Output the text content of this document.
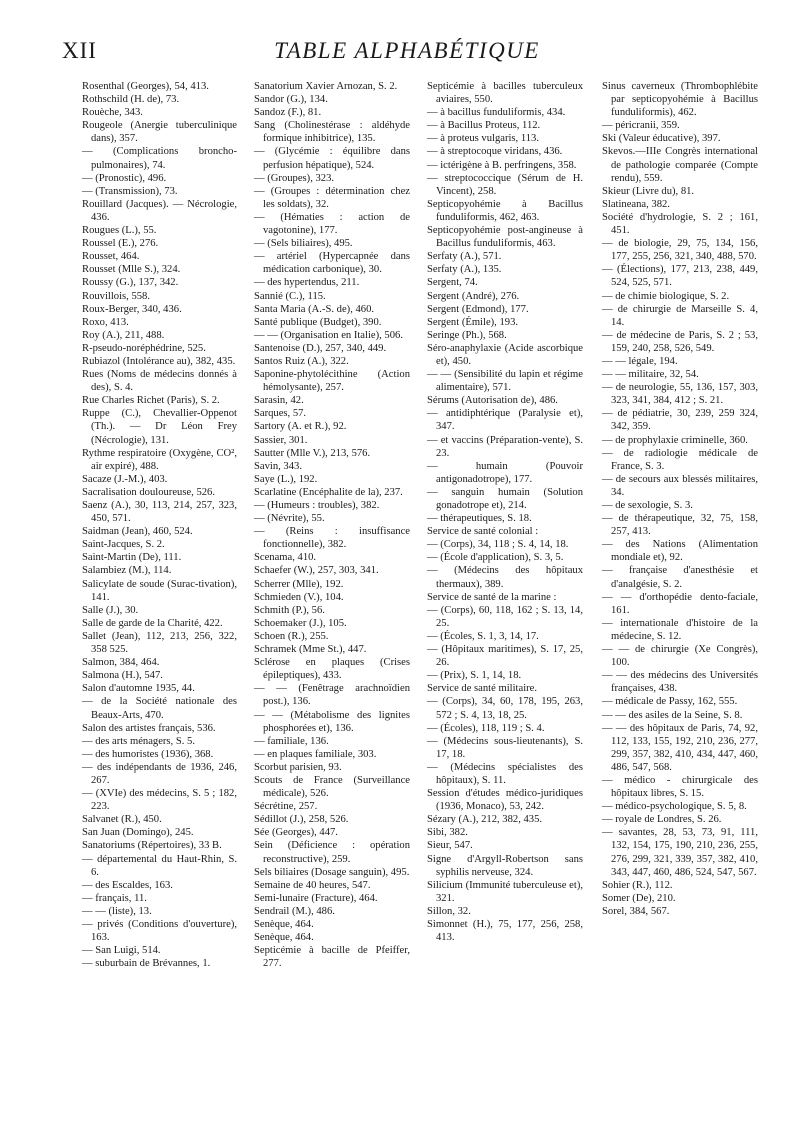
XII	TABLE ALPHABÉTIQUE

Rosenthal (Georges), 54, 413.

Rothschild (H. de), 73.

Rouèche, 343.

Rougeole (Anergie tuberculinique dans), 357.

— (Complications broncho-pulmonaires), 74.

— (Pronostic), 496.

— (Transmission), 73.

Rouillard (Jacques). — Nécrologie, 436.

Rougues (L.), 55.

Roussel (E.), 276.

Rousset, 464.

Rousset (Mlle S.), 324.

Roussy (G.), 137, 342.

Rouvillois, 558.

Roux-Berger, 340, 436.

Roxo, 413.

Roy (A.), 211, 488.

R-pseudo-noréphédrine, 525.

Rubiazol (Intolérance au), 382, 435.

Rues (Noms de médecins donnés à des), S. 4.

Rue Charles Richet (Paris), S. 2.

Ruppe (C.), Chevallier-Oppenot (Th.). — Dr Léon Frey (Nécrologie), 131.

Rythme respiratoire (Oxygène, CO², air expiré), 488.

Sacaze (J.-M.), 403.

Sacralisation douloureuse, 526.

Saenz (A.), 30, 113, 214, 257, 323, 450, 571.

Saidman (Jean), 460, 524.

Saint-Jacques, S. 2.

Saint-Martin (De), 111.

Salambiez (M.), 114.

Salicylate de soude (Surac-tivation), 141.

Salle (J.), 30.

Salle de garde de la Charité, 422.

Sallet (Jean), 112, 213, 256, 322, 358 525.

Salmon, 384, 464.

Salmona (H.), 547.

Salon d'automne 1935, 44.

— de la Société nationale des Beaux-Arts, 470.

Salon des artistes français, 536.

— des arts ménagers, S. 5.

— des humoristes (1936), 368.

— des indépendants de 1936, 246, 267.

— (XVIe) des médecins, S. 5 ; 182, 223.

Salvanet (R.), 450.

San Juan (Domingo), 245.

Sanatoriums (Répertoires), 33 B.

— départemental du Haut-Rhin, S. 6.

— des Escaldes, 163.

— français, 11.

— — (liste), 13.

— privés (Conditions d'ouverture), 163.

— San Luigi, 514.

— suburbain de Brévannes, 1.

Sanatorium Xavier Arnozan, S. 2.

Sandor (G.), 134.

Sandoz (F.), 81.

Sang (Cholinestérase : aldéhyde formique inhibitrice), 135.

— (Glycémie : équilibre dans perfusion hépatique), 524.

— (Groupes), 323.

— (Groupes : détermination chez les soldats), 32.

— (Hématies : action de vagotonine), 177.

— (Sels biliaires), 495.

— artériel (Hypercapnée dans médication carbonique), 30.

— des hypertendus, 211.

Sannié (C.), 115.

Santa Maria (A.-S. de), 460.

Santé publique (Budget), 390.

— — (Organisation en Italie), 506.

Santenoise (D.), 257, 340, 449.

Santos Ruiz (A.), 322.

Saponine-phytolécithine (Action hémolysante), 257.

Sarasin, 42.

Sarques, 57.

Sartory (A. et R.), 92.

Sassier, 301.

Sautter (Mlle V.), 213, 576.

Savin, 343.

Saye (L.), 192.

Scarlatine (Encéphalite de la), 237.

— (Humeurs : troubles), 382.

— (Névrite), 55.

— (Reins : insuffisance fonctionnelle), 382.

Scenama, 410.

Schaefer (W.), 257, 303, 341.

Scherrer (Mlle), 192.

Schmieden (V.), 104.

Schmith (P.), 56.

Schoemaker (J.), 105.

Schoen (R.), 255.

Schramek (Mme St.), 447.

Sclérose en plaques (Crises épileptiques), 433.

— — (Fenêtrage arachnoïdien post.), 136.

— — (Métabolisme des lignites phosphorées et), 136.

— familiale, 136.

— en plaques familiale, 303.

Scorbut parisien, 93.

Scouts de France (Surveillance médicale), 526.

Sécrétine, 257.

Sédillot (J.), 258, 526.

Sée (Georges), 447.

Sein (Déficience : opération reconstructive), 259.

Sels biliaires (Dosage sanguin), 495.

Semaine de 40 heures, 547.

Semi-lunaire (Fracture), 464.

Sendrail (M.), 486.

Senèque, 464.

Senèque, 464.

Septicémie à bacille de Pfeiffer, 277.

Septicémie à bacilles tuberculeux aviaires, 550.

— à bacillus funduliformis, 434.

— à Bacillus Proteus, 112.

— à proteus vulgaris, 113.

— à streptocoque viridans, 436.

— ictérigène à B. perfringens, 358.

— streptococcique (Sérum de H. Vincent), 258.

Septicopyohémie à Bacillus funduliformis, 462, 463.

Septicopyohémie post-angineuse à Bacillus funduliformis, 463.

Serfaty (A.), 571.

Serfaty (A.), 135.

Sergent, 74.

Sergent (André), 276.

Sergent (Edmond), 177.

Sergent (Émile), 193.

Seringe (Ph.), 568.

Séro-anaphylaxie (Acide ascorbique et), 450.

— — (Sensibilité du lapin et régime alimentaire), 571.

Sérums (Autorisation de), 486.

— antidiphtérique (Paralysie et), 347.

— et vaccins (Préparation-vente), S. 23.

— humain (Pouvoir antigonadotrope), 177.

— sanguin humain (Solution gonadotrope et), 214.

— thérapeutiques, S. 18.

Service de santé colonial :

— (Corps), 34, 118 ; S. 4, 14, 18.

— (École d'application), S. 3, 5.

— (Médecins des hôpitaux thermaux), 389.

Service de santé de la marine :

— (Corps), 60, 118, 162 ; S. 13, 14, 25.

— (Écoles, S. 1, 3, 14, 17.

— (Hôpitaux maritimes), S. 17, 25, 26.

— (Prix), S. 1, 14, 18.

Service de santé militaire.

— (Corps), 34, 60, 178, 195, 263, 572 ; S. 4, 13, 18, 25.

— (Écoles), 118, 119 ; S. 4.

— (Médecins sous-lieutenants), S. 17, 18.

— (Médecins spécialistes des hôpitaux), S. 11.

Session d'études médico-juridiques (1936, Monaco), 53, 242.

Sézary (A.), 212, 382, 435.

Sibi, 382.

Sieur, 547.

Signe d'Argyll-Robertson sans syphilis nerveuse, 324.

Silicium (Immunité tuberculeuse et), 321.

Sillon, 32.

Simonnet (H.), 75, 177, 256, 258, 413.

Sinus caverneux (Thrombophlébite par septicopyohémie à Bacillus funduliformis), 462.

— péricranii, 359.

Ski (Valeur éducative), 397.

Skevos.—IIIe Congrès international de pathologie comparée (Compte rendu), 559.

Skieur (Livre du), 81.

Slatineana, 382.

Société d'hydrologie, S. 2 ; 161, 451.

— de biologie, 29, 75, 134, 156, 177, 255, 256, 321, 340, 488, 570.

— (Élections), 177, 213, 238, 449, 524, 525, 571.

— de chimie biologique, S. 2.

— de chirurgie de Marseille S. 4, 14.

— de médecine de Paris, S. 2 ; 53, 159, 240, 258, 526, 549.

— — légale, 194.

— — militaire, 32, 54.

— de neurologie, 55, 136, 157, 303, 323, 341, 384, 412 ; S. 21.

— de pédiatrie, 30, 239, 259 324, 342, 359.

— de prophylaxie criminelle, 360.

— de radiologie médicale de France, S. 3.

— de secours aux blessés militaires, 34.

— de sexologie, S. 3.

— de thérapeutique, 32, 75, 158, 257, 413.

— des Nations (Alimentation mondiale et), 92.

— française d'anesthésie et d'analgésie, S. 2.

— — d'orthopédie dento-faciale, 161.

— internationale d'histoire de la médecine, S. 12.

— — de chirurgie (Xe Congrès), 100.

— — des médecins des Universités françaises, 438.

— médicale de Passy, 162, 555.

— — des asiles de la Seine, S. 8.

— — des hôpitaux de Paris, 74, 92, 112, 133, 155, 192, 210, 236, 277, 299, 357, 382, 410, 434, 447, 460, 486, 547, 568.

— médico - chirurgicale des hôpitaux libres, S. 15.

— médico-psychologique, S. 5, 8.

— royale de Londres, S. 26.

— savantes, 28, 53, 73, 91, 111, 132, 154, 175, 190, 210, 236, 255, 276, 299, 321, 339, 357, 382, 410, 343, 447, 460, 486, 524, 547, 567.

Sohier (R.), 112.

Somer (De), 210.

Sorel, 384, 567.
